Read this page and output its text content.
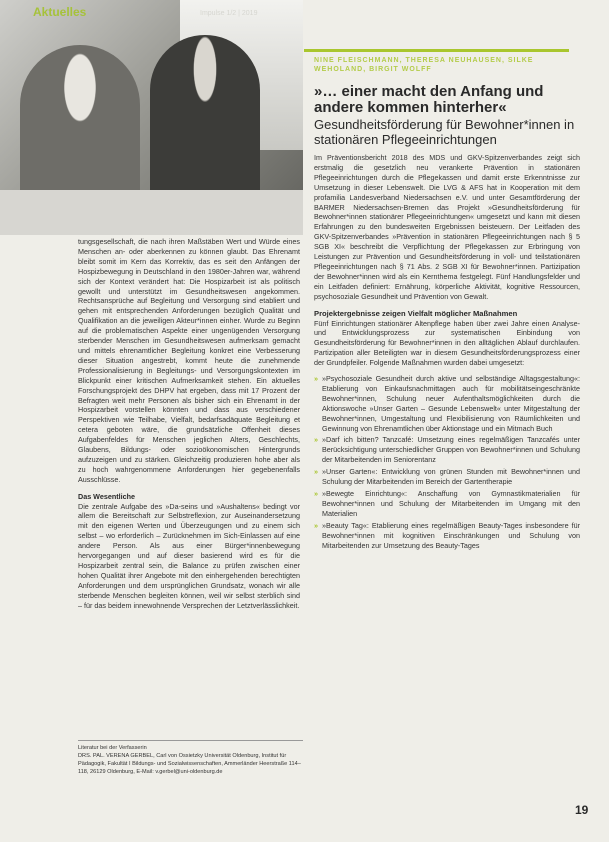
Aktuelles	Impulse 1/2 | 2019
NINE FLEISCHMANN, THERESA NEUHAUSEN, SILKE WEHOLAND, BIRGIT WOLFF
»… einer macht den Anfang und andere kommen hinterher«
Gesundheitsförderung für Bewohner*innen in stationären Pflegeeinrichtungen

tungsgesellschaft, die nach ihren Maßstäben Wert und Würde eines Menschen an- oder aberkennen zu können glaubt. Das Ehrenamt bleibt somit im Kern das Korrektiv, das es seit den Anfängen der Hospizbewegung in Deutschland in den 1980er-Jahren war, während sich der Kontext verändert hat: Die Hospizarbeit ist als politisch gewollt und unterstützt im Gesundheitswesen angekommen. Rechtsansprüche auf Begleitung und Versorgung sind etabliert und gehen mit entsprechenden Anforderungen bezüglich Qualität und Qualifikation an die jeweiligen Akteur*innen einher. Wurde zu Beginn auf die problematischen Aspekte einer ungenügenden Versorgung sterbender Menschen im Gesundheitswesen aufmerksam gemacht und mittels ehrenamtlicher Begleitung konkret eine Verbesserung dieser Situation angestrebt, kommt heute die zunehmende Professionalisierung in Begleitungs- und Versorgungskontexten im Blickpunkt einer kritischen Aufmerksamkeit stehen. Ein aktuelles Forschungsprojekt des DHPV hat ergeben, dass mit 17 Prozent der Befragten weit mehr Personen als bisher sich ein Ehrenamt in der Hospizarbeit vorstellen könnten und dass aus verschiedener Perspektiven wie Teilhabe, Vielfalt, bedarfsadäquate Begleitung et cetera geboten wäre, die grundsätzliche Offenheit dieses Aufgabenfeldes für Menschen jeglichen Alters, Geschlechts, Glaubens, Bildungs- oder sozioökonomischen Hintergrunds aufzuzeigen und zu stärken. Gleichzeitig produzieren hohe aber als zu hoch wahrgenommene Anforderungen hier gegebenenfalls Ausschlüsse.

Das Wesentliche

Die zentrale Aufgabe des »Da-seins und »Aushaltens« bedingt vor allem die Bereitschaft zur Selbstreflexion, zur Auseinandersetzung mit den eigenen Werten und Überzeugungen und zu einem sich selbst – wo erforderlich – Zurücknehmen im Sich-Einlassen auf eine andere Person. Als aus einer Bürger*innenbewegung hervorgegangen und auf dieser basierend wird es für die Hospizarbeit zentral sein, die Balance zu prüfen zwischen einer hohen Qualität ihrer Angebote mit den einhergehenden berechtigten Anforderungen und dem ursprünglichen Grundsatz, wonach wir alle sterbende Menschen begleiten können, weil wir selbst sterblich sind – für das beidem innewohnende Versprechen der Letztverlässlichkeit.

Literatur bei der Verfasserin
DRS. PAL. VERENA GERBEL, Carl von Ossietzky Universität Oldenburg, Institut für Pädagogik, Fakultät I Bildungs- und Sozialwissenschaften, Ammerländer Heerstraße 114–118, 26129 Oldenburg, E-Mail: v.gerbel@uni-oldenburg.de

Im Präventionsbericht 2018 des MDS und GKV-Spitzenverbandes zeigt sich erstmalig die gesetzlich neu verankerte Prävention in stationären Pflegeeinrichtungen durch die Pflegekassen und damit erste Erkenntnisse zur Umsetzung in dieser Lebenswelt. Die LVG & AFS hat in Kooperation mit dem profamilia Landesverband Niedersachsen e.V. und unter Gesamtförderung der BARMER Niedersachsen-Bremen das Projekt »Gesundheitsförderung für Bewohner*innen stationärer Pflegeeinrichtungen« umgesetzt und kann mit diesen Erfahrungen zu den bundesweiten Ergebnissen beisteuern. Der Leitfaden des GKV-Spitzenverbandes »Prävention in stationären Pflegeeinrichtungen nach § 5 SGB XI« beschreibt die Verpflichtung der Pflegekassen zur Erbringung von Leistungen zur Prävention und Gesundheitsförderung in voll- und teilstationären Pflegeeinrichtungen nach § 71 Abs. 2 SGB XI für Bewohner*innen. Partizipation der Bewohner*innen wird als ein Kernthema festgelegt. Fünf Handlungsfelder und ein Leitfaden definiert: Ernährung, körperliche Aktivität, kognitive Ressourcen, psychosoziale Gesundheit und Prävention von Gewalt.

Projektergebnisse zeigen Vielfalt möglicher Maßnahmen

Fünf Einrichtungen stationärer Altenpflege haben über zwei Jahre einen Analyse- und Entwicklungsprozess zur systematischen Einbindung von Gesundheitsförderung für Bewohner*innen in den alltäglichen Ablauf durchlaufen. Partizipation aller Beteiligten war in diesem Gesundheitsförderungsprozess einer der Grundpfeiler. Folgende Maßnahmen wurden dabei umgesetzt:

» »Psychosoziale Gesundheit durch aktive und selbständige Alltagsgestaltung«: Etablierung von Einkaufsnachmittagen auch für mobilitätseingeschränkte Bewohner*innen, Schulung neuer Aufenthaltsmöglichkeiten durch die Aktionswoche »Unser Garten – Gesunde Lebenswelt« unter Mitgestaltung der Bewohner*innen, Umgestaltung und Flexibilisierung von Räumlichkeiten und Gewinnung von Ehrenamtlichen über Aktionstage und ein Mitmach Buch
» »Darf ich bitten? Tanzcafé: Umsetzung eines regelmäßigen Tanzcafés unter Berücksichtigung unterschiedlicher Gruppen von Bewohner*innen und Schulung der Mitarbeitenden im Seniorentanz
» »Unser Garten«: Entwicklung von grünen Stunden mit Bewohner*innen und Schulung der Mitarbeitenden im Bereich der Gartentherapie
» »Bewegte Einrichtung«: Anschaffung von Gymnastikmaterialien für Bewohner*innen und Schulung der Mitarbeitenden im Umgang mit den Materialien
» »Beauty Tag«: Etablierung eines regelmäßigen Beauty-Tages insbesondere für Bewohner*innen mit kognitiven Einschränkungen und Schulung von Mitarbeitenden zur Umsetzung des Beauty-Tages
19
